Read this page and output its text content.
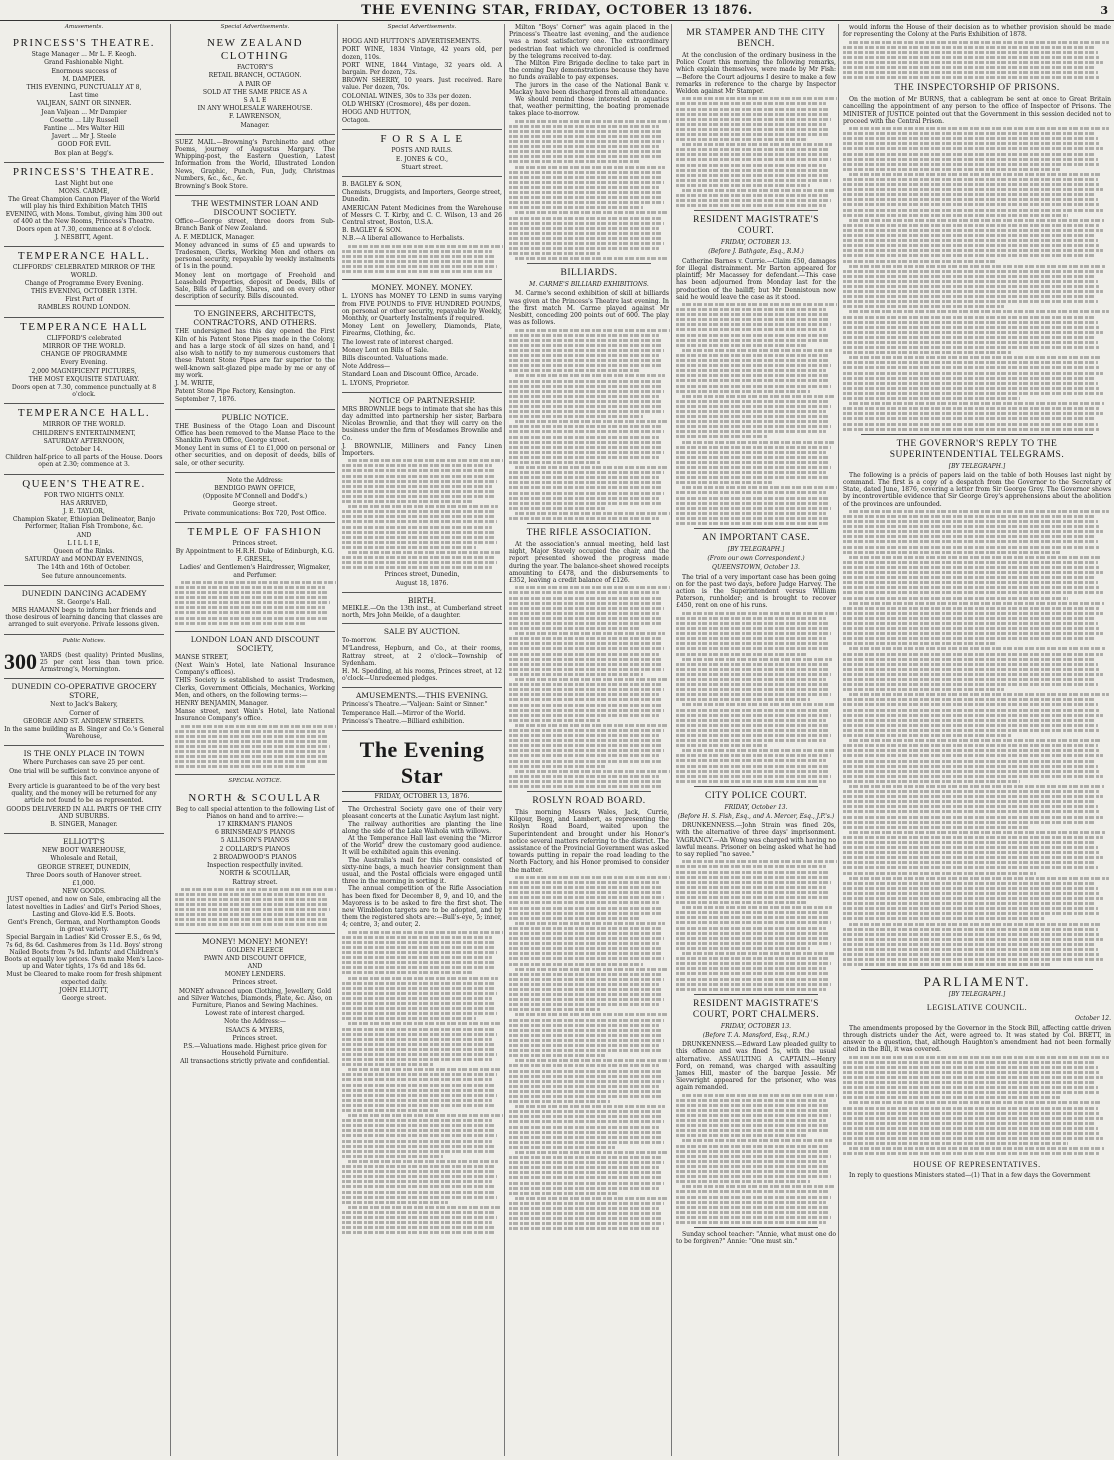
THE EVENING STAR, FRIDAY, OCTOBER 13 1876.	3
Amusements.
PRINCESS'S THEATRE.

Stage Manager ... Mr L. F. Keogh.

Grand Fashionable Night.

Enormous success of

M. DAMPIER.

THIS EVENING, PUNCTUALLY AT 8,

Last time

VALJEAN, SAINT OR SINNER.

Jean Valjean ... Mr Dampier

Cosette ... Lily Russell

Fantine ... Mrs Walter Hill

Javert ... Mr J. Steele

GOOD FOR EVIL

Box plan at Begg's.

PRINCESS'S THEATRE.

Last Night but one

MONS. CARME,

The Great Champion Cannon Player of the World will play his third Exhibition Match THIS EVENING, with Mons. Tombut, giving him 300 out of 400 at the New Rooms, Princess's Theatre.

Doors open at 7.30, commence at 8 o'clock.

J. NESBITT, Agent.

TEMPERANCE HALL.

CLIFFORDS' CELEBRATED MIRROR OF THE WORLD.

Change of Programme Every Evening.

THIS EVENING, OCTOBER 13TH.

First Part of

RAMBLES ROUND LONDON.

TEMPERANCE HALL

CLIFFORD'S celebrated

MIRROR OF THE WORLD.

CHANGE OF PROGRAMME

Every Evening.

2,000 MAGNIFICENT PICTURES,

THE MOST EXQUISITE STATUARY.

Doors open at 7.30, commence punctually at 8 o'clock.

TEMPERANCE HALL.

MIRROR OF THE WORLD.

CHILDREN'S ENTERTAINMENT,

SATURDAY AFTERNOON,

October 14.

Children half-price to all parts of the House. Doors open at 2.30; commence at 3.

QUEEN'S THEATRE.

FOR TWO NIGHTS ONLY.

HAS ARRIVED,

J. E. TAYLOR,

Champion Skater, Ethiopian Delineator, Banjo Performer, Italian Fish Trombone, &c.

AND

L I L L I E,

Queen of the Rinks.

SATURDAY and MONDAY EVENINGS,

The 14th and 16th of October.

See future announcements.

DUNEDIN DANCING ACADEMY

St. George's Hall.

MRS HAMANN begs to inform her friends and those desirous of learning dancing that classes are arranged to suit everyone. Private lessons given.

Public Notices.
300 YARDS (best quality) Printed Muslins, 25 per cent less than town price. Armstrong's, Mornington.

DUNEDIN CO-OPERATIVE GROCERY STORE,

Next to Jack's Bakery,

Corner of

GEORGE AND ST. ANDREW STREETS.

In the same building as B. Singer and Co.'s General Warehouse,

IS THE ONLY PLACE IN TOWN

Where Purchases can save 25 per cent.

One trial will be sufficient to convince anyone of this fact.

Every article is guaranteed to be of the very best quality, and the money will be returned for any article not found to be as represented.

GOODS DELIVERED IN ALL PARTS OF THE CITY AND SUBURBS.

B. SINGER, Manager.

ELLIOTT'S

NEW BOOT WAREHOUSE,

Wholesale and Retail,

GEORGE STREET, DUNEDIN,

Three Doors south of Hanover street.

£1,000.

NEW GOODS.

JUST opened, and now on Sale, embracing all the latest novelties in Ladies' and Girl's Period Shoes, Lasting and Glove-kid E.S. Boots.

Gent's French, German, and Northampton Goods in great variety.

Special Bargain in Ladies' Kid Crosser E.S., 6s 9d, 7s 6d, 8s 6d. Cashmeres from 3s 11d. Boys' strong Nailed Boots from 7s 9d. Infants' and Children's Boots at equally low prices. Own make Men's Lace-up and Water tights, 17s 6d and 18s 6d.

Must be Cleared to make room for fresh shipment expected daily.

JOHN ELLIOTT,

George street.

Special Advertisements.
NEW ZEALAND CLOTHING

FACTORY'S

RETAIL BRANCH, OCTAGON.

A PAIR OF

SOLD AT THE SAME PRICE AS A

S A L E

IN ANY WHOLESALE WAREHOUSE.

F. LAWRENSON,

Manager.

SUEZ MAIL.—Browning's Parchinetto and other Poems, journey of Augustus Margary. The Whipping-post, the Eastern Question, Latest Information from the World, Illustrated London News, Graphic, Punch, Fun, Judy, Christmas Numbers, &c., &c., &c.

Browning's Book Store.

THE WESTMINSTER LOAN AND DISCOUNT SOCIETY.

Office—George street, three doors from Sub-Branch Bank of New Zealand.

A. F. MEDLICK, Manager.

Money advanced in sums of £5 and upwards to Tradesmen, Clerks, Working Men and others on personal security, repayable by weekly instalments of 1s in the pound.

Money lent on mortgage of Freehold and Leasehold Properties, deposit of Deeds, Bills of Sale, Bills of Lading, Shares, and on every other description of security. Bills discounted.

TO ENGINEERS, ARCHITECTS, CONTRACTORS, AND OTHERS.

THE undersigned has this day opened the First Kiln of his Patent Stone Pipes made in the Colony, and has a large stock of all sizes on hand, and I also wish to notify to my numerous customers that these Patent Stone Pipes are far superior to the well-known salt-glazed pipe made by me or any of my work.

J. M. WRITE,

Patent Stone Pipe Factory, Kensington.

September 7, 1876.

PUBLIC NOTICE.

THE Business of the Otago Loan and Discount Office has been removed to the Manse Place to the Shanklin Pawn Office, George street.

Money Lent in sums of £1 to £1,000 on personal or other securities, and on deposit of deeds, bills of sale, or other security.

Note the Address:

BENDIGO PAWN OFFICE,

(Opposite M'Connell and Dodd's.)

George street.

Private communications: Box 720, Post Office.

TEMPLE OF FASHION

Princes street.

By Appointment to H.R.H. Duke of Edinburgh, K.G.

F. GRESEL,

Ladies' and Gentlemen's Hairdresser, Wigmaker, and Perfumer.

LONDON LOAN AND DISCOUNT SOCIETY,

MANSE STREET,

(Next Wain's Hotel, late National Insurance Company's offices).

THIS Society is established to assist Tradesmen, Clerks, Government Officials, Mechanics, Working Men, and others, on the following terms:—

HENRY BENJAMIN, Manager.

Manse street, next Wain's Hotel, late National Insurance Company's office.

SPECIAL NOTICE.
NORTH & SCOULLAR

Beg to call special attention to the following List of Pianos on hand and to arrive:—

17 KIRKMAN'S PIANOS

6 BRINSMEAD'S PIANOS

5 ALLISON'S PIANOS

2 COLLARD'S PIANOS

2 BROADWOOD'S PIANOS

Inspection respectfully invited.

NORTH & SCOULLAR,

Rattray street.

MONEY! MONEY! MONEY!

GOLDEN FLEECE

PAWN AND DISCOUNT OFFICE,

AND

MONEY LENDERS.

Princes street.

MONEY advanced upon Clothing, Jewellery, Gold and Silver Watches, Diamonds, Plate, &c. Also, on Furniture, Pianos and Sewing Machines.

Lowest rate of interest charged.

Note the Address:—

ISAACS & MYERS,

Princes street.

P.S.—Valuations made. Highest price given for Household Furniture.

All transactions strictly private and confidential.

Special Advertisements.

HOGG AND HUTTON'S ADVERTISEMENTS.

PORT WINE, 1834 Vintage, 42 years old, per dozen, 110s.

PORT WINE, 1844 Vintage, 32 years old. A bargain. Per dozen, 72s.

BROWN SHERRY, 10 years. Just received. Rare value. Per dozen, 70s.

COLONIAL WINES, 30s to 33s per dozen.

OLD WHISKY (Crosmore), 48s per dozen.

HOGG AND HUTTON,

Octagon.

F O R S A L E

POSTS AND RAILS.

E. JONES & CO.,

Stuart street.

B. BAGLEY & SON,

Chemists, Druggists, and Importers, George street, Dunedin.

AMERICAN Patent Medicines from the Warehouse of Messrs C. T. Kirby, and C. C. Wilson, 13 and 26 Central street, Boston, U.S.A.

B. BAGLEY & SON.

N.B.—A liberal allowance to Herbalists.

MONEY. MONEY. MONEY.

L. LYONS has MONEY TO LEND in sums varying from FIVE POUNDS to FIVE HUNDRED POUNDS, on personal or other security, repayable by Weekly, Monthly, or Quarterly Instalments if required.

Money Lent on Jewellery, Diamonds, Plate, Firearms, Clothing, &c.

The lowest rate of interest charged.

Money Lent on Bills of Sale.

Bills discounted. Valuations made.

Note Address—

Standard Loan and Discount Office, Arcade.

L. LYONS, Proprietor.

NOTICE OF PARTNERSHIP.

MRS BROWNLIE begs to intimate that she has this day admitted into partnership her sister, Barbara Nicolas Brownlie, and that they will carry on the business under the firm of Mesdames Brownlie and Co.

J. BROWNLIE, Milliners and Fancy Linen Importers.

Princes street, Dunedin,

August 18, 1876.

BIRTH.
MEIKLE.—On the 13th inst., at Cumberland street north, Mrs John Meikle, of a daughter.
SALE BY AUCTION.

To-morrow.

M'Landress, Hepburn, and Co., at their rooms, Rattray street, at 2 o'clock—Township of Sydenham.

H. M. Spedding, at his rooms, Princes street, at 12 o'clock—Unredeemed pledges.

AMUSEMENTS.—THIS EVENING.

Princess's Theatre.—"Valjean: Saint or Sinner."

Temperance Hall.—Mirror of the World.

Princess's Theatre.—Billiard exhibition.

The Evening Star
FRIDAY, OCTOBER 13, 1876.

The Orchestral Society gave one of their very pleasant concerts at the Lunatic Asylum last night.

The railway authorities are planting the line along the side of the Lake Waihola with willows.

At the Temperance Hall last evening the "Mirror of the World" drew the customary good audience. It will be exhibited again this evening.

The Australia's mail for this Port consisted of sixty-nine bags, a much heavier consignment than usual, and the Postal officials were engaged until three in the morning in sorting it.

The annual competition of the Rifle Association has been fixed for December 8, 9, and 10, and the Mayoress is to be asked to fire the first shot. The new Wimbledon targets are to be adopted, and by them the registered shots are:—Bull's-eye, 5; inner, 4; centre, 3; and outer, 2.

Milton "Boys' Corner" was again placed in the Princess's Theatre last evening, and the audience was a most satisfactory one. The extraordinary pedestrian feat which we chronicled is confirmed by the telegrams received to-day.

The Milton Fire Brigade decline to take part in the coming Day demonstrations because they have no funds available to pay expenses.

The jurors in the case of the National Bank v. Mackay have been discharged from all attendance.

We should remind those interested in aquatics that, weather permitting, the boating promenade takes place to-morrow.

BILLIARDS.
M. CARME'S BILLIARD EXHIBITIONS.

M. Carme's second exhibition of skill at billiards was given at the Princess's Theatre last evening. In the first match M. Carme played against Mr Nesbitt, conceding 200 points out of 600. The play was as follows.

THE RIFLE ASSOCIATION.

At the association's annual meeting, held last night, Major Stavely occupied the chair, and the report presented showed the progress made during the year. The balance-sheet showed receipts amounting to £478, and the disbursements to £352, leaving a credit balance of £126.

ROSLYN ROAD BOARD.

This morning Messrs Wales, Jack, Currie, Kilgour, Begg, and Lambert, as representing the Roslyn Road Board, waited upon the Superintendent and brought under his Honor's notice several matters referring to the district. The assistance of the Provincial Government was asked towards putting in repair the road leading to the North Factory, and his Honor promised to consider the matter.

MR STAMPER AND THE CITY BENCH.

At the conclusion of the ordinary business in the Police Court this morning the following remarks, which explain themselves, were made by Mr Fish:—Before the Court adjourns I desire to make a few remarks in reference to the charge by Inspector Weldon against Mr Stamper.

RESIDENT MAGISTRATE'S COURT.
FRIDAY, OCTOBER 13.
(Before J. Bathgate, Esq., R.M.)

Catherine Barnes v. Currie.—Claim £50, damages for illegal distrainment. Mr Barton appeared for plaintiff; Mr Macassey for defendant.—This case has been adjourned from Monday last for the production of the bailiff; but Mr Dennistoun now said he would leave the case as it stood.

AN IMPORTANT CASE.
[BY TELEGRAPH.]
(From our own Correspondent.)
QUEENSTOWN, October 13.

The trial of a very important case has been going on for the past two days, before Judge Harvey. The action is the Superintendent versus William Paterson, runholder; and is brought to recover £450, rent on one of his runs.

CITY POLICE COURT.
FRIDAY, October 13.
(Before H. S. Fish, Esq., and A. Mercer, Esq., J.P.'s.)

DRUNKENNESS.—John Strain was fined 20s, with the alternative of three days' imprisonment. VAGRANCY.—Ah Wong was charged with having no lawful means. Prisoner on being asked what he had to say replied "no savee."

RESIDENT MAGISTRATE'S COURT, PORT CHALMERS.
FRIDAY, OCTOBER 13.
(Before T. A. Mansford, Esq., R.M.)

DRUNKENNESS.—Edward Law pleaded guilty to this offence and was fined 5s, with the usual alternative. ASSAULTING A CAPTAIN.—Henry Ford, on remand, was charged with assaulting James Hill, master of the barque Jessie. Mr Sievwright appeared for the prisoner, who was again remanded.

Sunday school teacher: "Annie, what must one do to be forgiven?" Annie: "One must sin."

would inform the House of their decision as to whether provision should be made for representing the Colony at the Paris Exhibition of 1878.

THE INSPECTORSHIP OF PRISONS.

On the motion of Mr BURNS, that a cablegram be sent at once to Great Britain cancelling the appointment of any person to the office of Inspector of Prisons. The MINISTER of JUSTICE pointed out that the Government in this session decided not to proceed with the Central Prison.

THE GOVERNOR'S REPLY TO THE SUPERINTENDENTIAL TELEGRAMS.
[BY TELEGRAPH.]

The following is a précis of papers laid on the table of both Houses last night by command. The first is a copy of a despatch from the Governor to the Secretary of State, dated June, 1876, covering a letter from Sir George Grey. The Governor shows by incontrovertible evidence that Sir George Grey's apprehensions about the abolition of the provinces are unfounded.

PARLIAMENT.
[BY TELEGRAPH.]
LEGISLATIVE COUNCIL.
October 12.

The amendments proposed by the Governor in the Stock Bill, affecting cattle driven through districts under the Act, were agreed to. It was stated by Col. BRETT, in answer to a question, that, although Haughton's amendment had not been formally cited in the Bill, it was covered.

HOUSE OF REPRESENTATIVES.

In reply to questions Ministers stated—(1) That in a few days the Government
